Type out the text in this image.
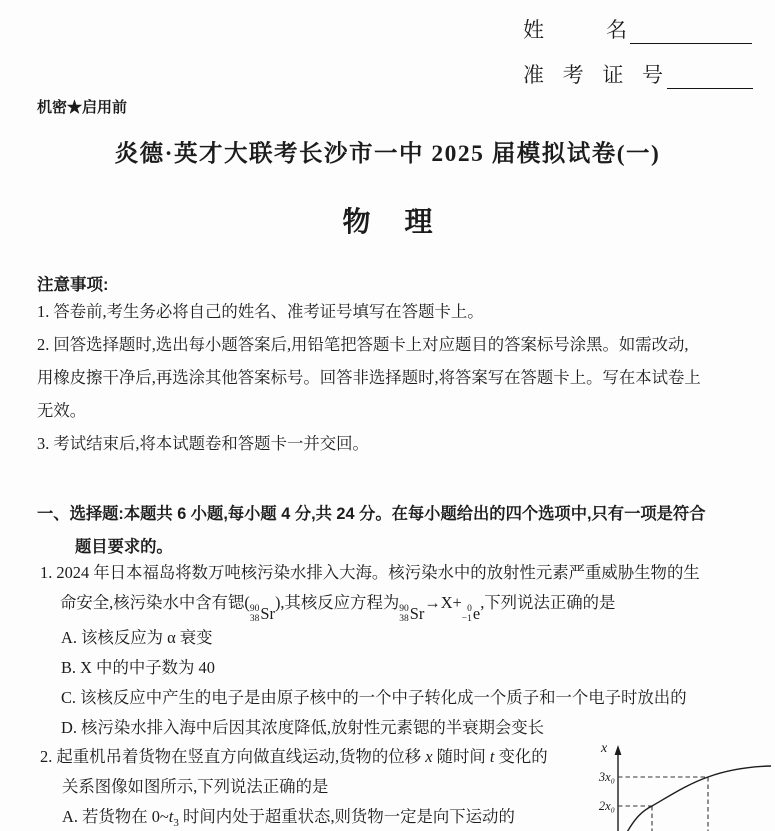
姓	名
准 考 证 号
机密★启用前
炎德·英才大联考长沙市一中 2025 届模拟试卷(一)
物 理
注意事项:
1. 答卷前,考生务必将自己的姓名、准考证号填写在答题卡上。
2. 回答选择题时,选出每小题答案后,用铅笔把答题卡上对应题目的答案标号涂黑。如需改动,
用橡皮擦干净后,再选涂其他答案标号。回答非选择题时,将答案写在答题卡上。写在本试卷上
无效。
3. 考试结束后,将本试题卷和答题卡一并交回。
一、选择题:本题共 6 小题,每小题 4 分,共 24 分。在每小题给出的四个选项中,只有一项是符合
题目要求的。
1. 2024 年日本福岛将数万吨核污染水排入大海。核污染水中的放射性元素严重威胁生物的生
命安全,核污染水中含有锶( 90
38 Sr
),其核反应方程为 90
38 Sr
→X+ 0
−1 e
,下列说法正确的是
A. 该核反应为 α 衰变
B. X 中的中子数为 40
C. 该核反应中产生的电子是由原子核中的一个中子转化成一个质子和一个电子时放出的
D. 核污染水排入海中后因其浓度降低,放射性元素锶的半衰期会变长
2. 起重机吊着货物在竖直方向做直线运动,货物的位移 x 随时间 t 变化的
关系图像如图所示,下列说法正确的是
A. 若货物在 $0\sim t_3$ 时间内处于超重状态,则货物一定是向下运动的
x
3x₀
2x₀
